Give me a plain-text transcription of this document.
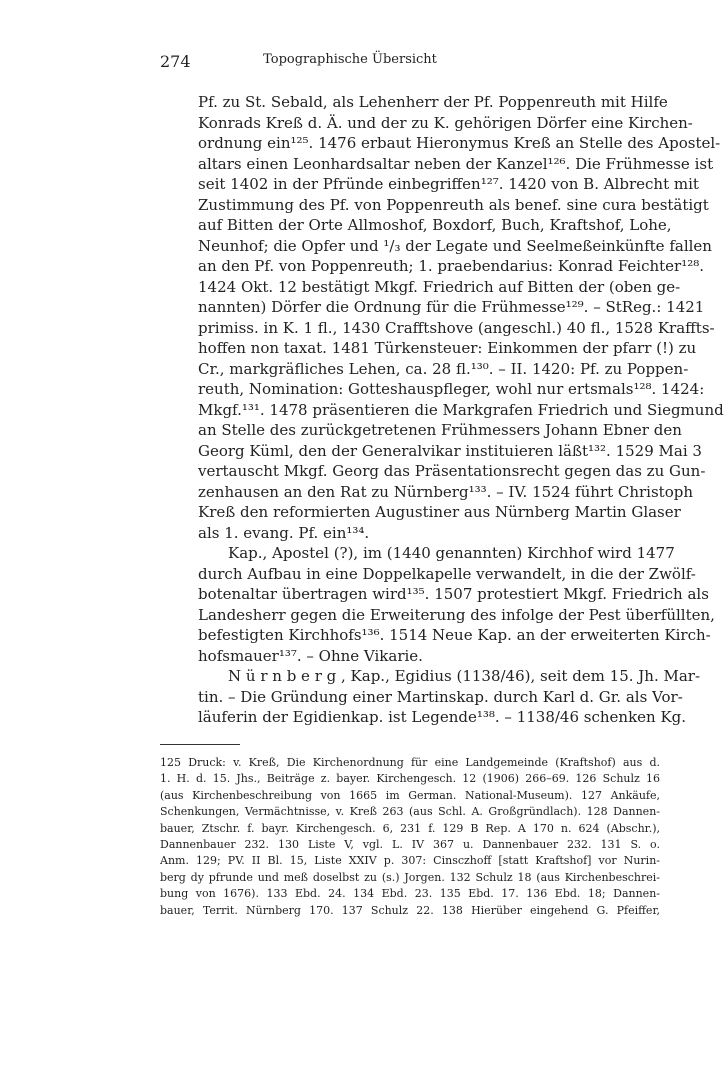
274	Topographische Übersicht
Pf. zu St. Sebald, als Lehenherr der Pf. Poppenreuth mit Hilfe
Konrads Kreß d. Ä. und der zu K. gehörigen Dörfer eine Kirchen-
ordnung ein¹²⁵. 1476 erbaut Hieronymus Kreß an Stelle des Apostel-
altars einen Leonhardsaltar neben der Kanzel¹²⁶. Die Frühmesse ist
seit 1402 in der Pfründe einbegriffen¹²⁷. 1420 von B. Albrecht mit
Zustimmung des Pf. von Poppenreuth als benef. sine cura bestätigt
auf Bitten der Orte Allmoshof, Boxdorf, Buch, Kraftshof, Lohe,
Neunhof; die Opfer und ¹/₃ der Legate und Seelmeßeinkünfte fallen
an den Pf. von Poppenreuth; 1. praebendarius: Konrad Feichter¹²⁸.
1424 Okt. 12 bestätigt Mkgf. Friedrich auf Bitten der (oben ge-
nannten) Dörfer die Ordnung für die Frühmesse¹²⁹. – StReg.: 1421
primiss. in K. 1 fl., 1430 Crafftshove (angeschl.) 40 fl., 1528 Kraffts-
hoffen non taxat. 1481 Türkensteuer: Einkommen der pfarr (!) zu
Cr., markgräfliches Lehen, ca. 28 fl.¹³⁰. – II. 1420: Pf. zu Poppen-
reuth, Nomination: Gotteshauspfleger, wohl nur ertsmals¹²⁸. 1424:
Mkgf.¹³¹. 1478 präsentieren die Markgrafen Friedrich und Siegmund
an Stelle des zurückgetretenen Frühmessers Johann Ebner den
Georg Küml, den der Generalvikar instituieren läßt¹³². 1529 Mai 3
vertauscht Mkgf. Georg das Präsentationsrecht gegen das zu Gun-
zenhausen an den Rat zu Nürnberg¹³³. – IV. 1524 führt Christoph
Kreß den reformierten Augustiner aus Nürnberg Martin Glaser
als 1. evang. Pf. ein¹³⁴.
Kap., Apostel (?), im (1440 genannten) Kirchhof wird 1477
durch Aufbau in eine Doppelkapelle verwandelt, in die der Zwölf-
botenaltar übertragen wird¹³⁵. 1507 protestiert Mkgf. Friedrich als
Landesherr gegen die Erweiterung des infolge der Pest überfüllten,
befestigten Kirchhofs¹³⁶. 1514 Neue Kap. an der erweiterten Kirch-
hofsmauer¹³⁷. – Ohne Vikarie.
N ü r n b e r g , Kap., Egidius (1138/46), seit dem 15. Jh. Mar-
tin. – Die Gründung einer Martinskap. durch Karl d. Gr. als Vor-
läuferin der Egidienkap. ist Legende¹³⁸. – 1138/46 schenken Kg.
125 Druck: v. Kreß, Die Kirchenordnung für eine Landgemeinde (Kraftshof) aus d.
1. H. d. 15. Jhs., Beiträge z. bayer. Kirchengesch. 12 (1906) 266–69. 126 Schulz 16
(aus Kirchenbeschreibung von 1665 im German. National-Museum). 127 Ankäufe,
Schenkungen, Vermächtnisse, v. Kreß 263 (aus Schl. A. Großgründlach). 128 Dannen-
bauer, Ztschr. f. bayr. Kirchengesch. 6, 231 f. 129 B Rep. A 170 n. 624 (Abschr.),
Dannenbauer 232. 130 Liste V, vgl. L. IV 367 u. Dannenbauer 232. 131 S. o.
Anm. 129; PV. II Bl. 15, Liste XXIV p. 307: Cinsczhoff [statt Kraftshof] vor Nurin-
berg dy pfrunde und meß doselbst zu (s.) Jorgen. 132 Schulz 18 (aus Kirchenbeschrei-
bung von 1676). 133 Ebd. 24. 134 Ebd. 23. 135 Ebd. 17. 136 Ebd. 18; Dannen-
bauer, Territ. Nürnberg 170. 137 Schulz 22. 138 Hierüber eingehend G. Pfeiffer,
